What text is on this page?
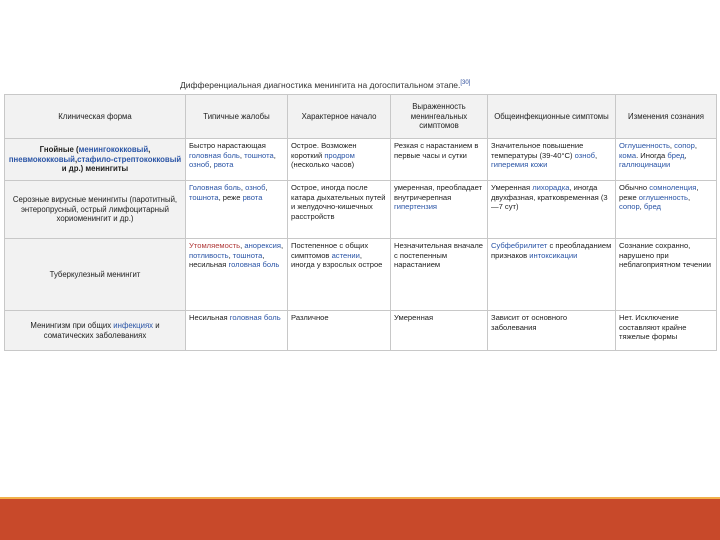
Дифференциальная диагностика менингита на догоспитальном этапе.[30]
Клиническая форма	Типичные жалобы	Характерное начало	Выраженность менингеальных симптомов	Общеинфекционные симптомы	Изменения сознания
Гнойные (менингококковый, пневмококковый,стафило-стрептококковый и др.) менингиты	Быстро нарастающая головная боль, тошнота, озноб, рвота	Острое. Возможен короткий продром (несколько часов)	Резкая с нарастанием в первые часы и сутки	Значительное повышение температуры (39-40°С) озноб, гиперемия кожи	Оглушенность, сопор, кома. Иногда бред, галлюцинации
Серозные вирусные менингиты (паротитный, энтеропрусный, острый лимфоцитарный хориоменингит и др.)	Головная боль, озноб, тошнота, реже рвота	Острое, иногда после катара дыхательных путей и желудочно-кишечных расстройств	умеренная, преобладает внутричерепная гипертензия	Умеренная лихорадка, иногда двухфазная, кратковременная (3—7 сут)	Обычно сомноленция, реже оглушенность, сопор, бред
Туберкулезный менингит	Утомляемость, анорексия, потливость, тошнота, несильная головная боль	Постепенное с общих симптомов астении, иногда у взрослых острое	Незначительная вначале с постепенным нарастанием	Субфебрилитет с преобладанием признаков интоксикации	Сознание сохранно, нарушено при неблагоприятном течении
Менингизм при общих инфекциях и соматических заболеваниях	Несильная головная боль	Различное	Умеренная	Зависит от основного заболевания	Нет. Исключение составляют крайне тяжелые формы
